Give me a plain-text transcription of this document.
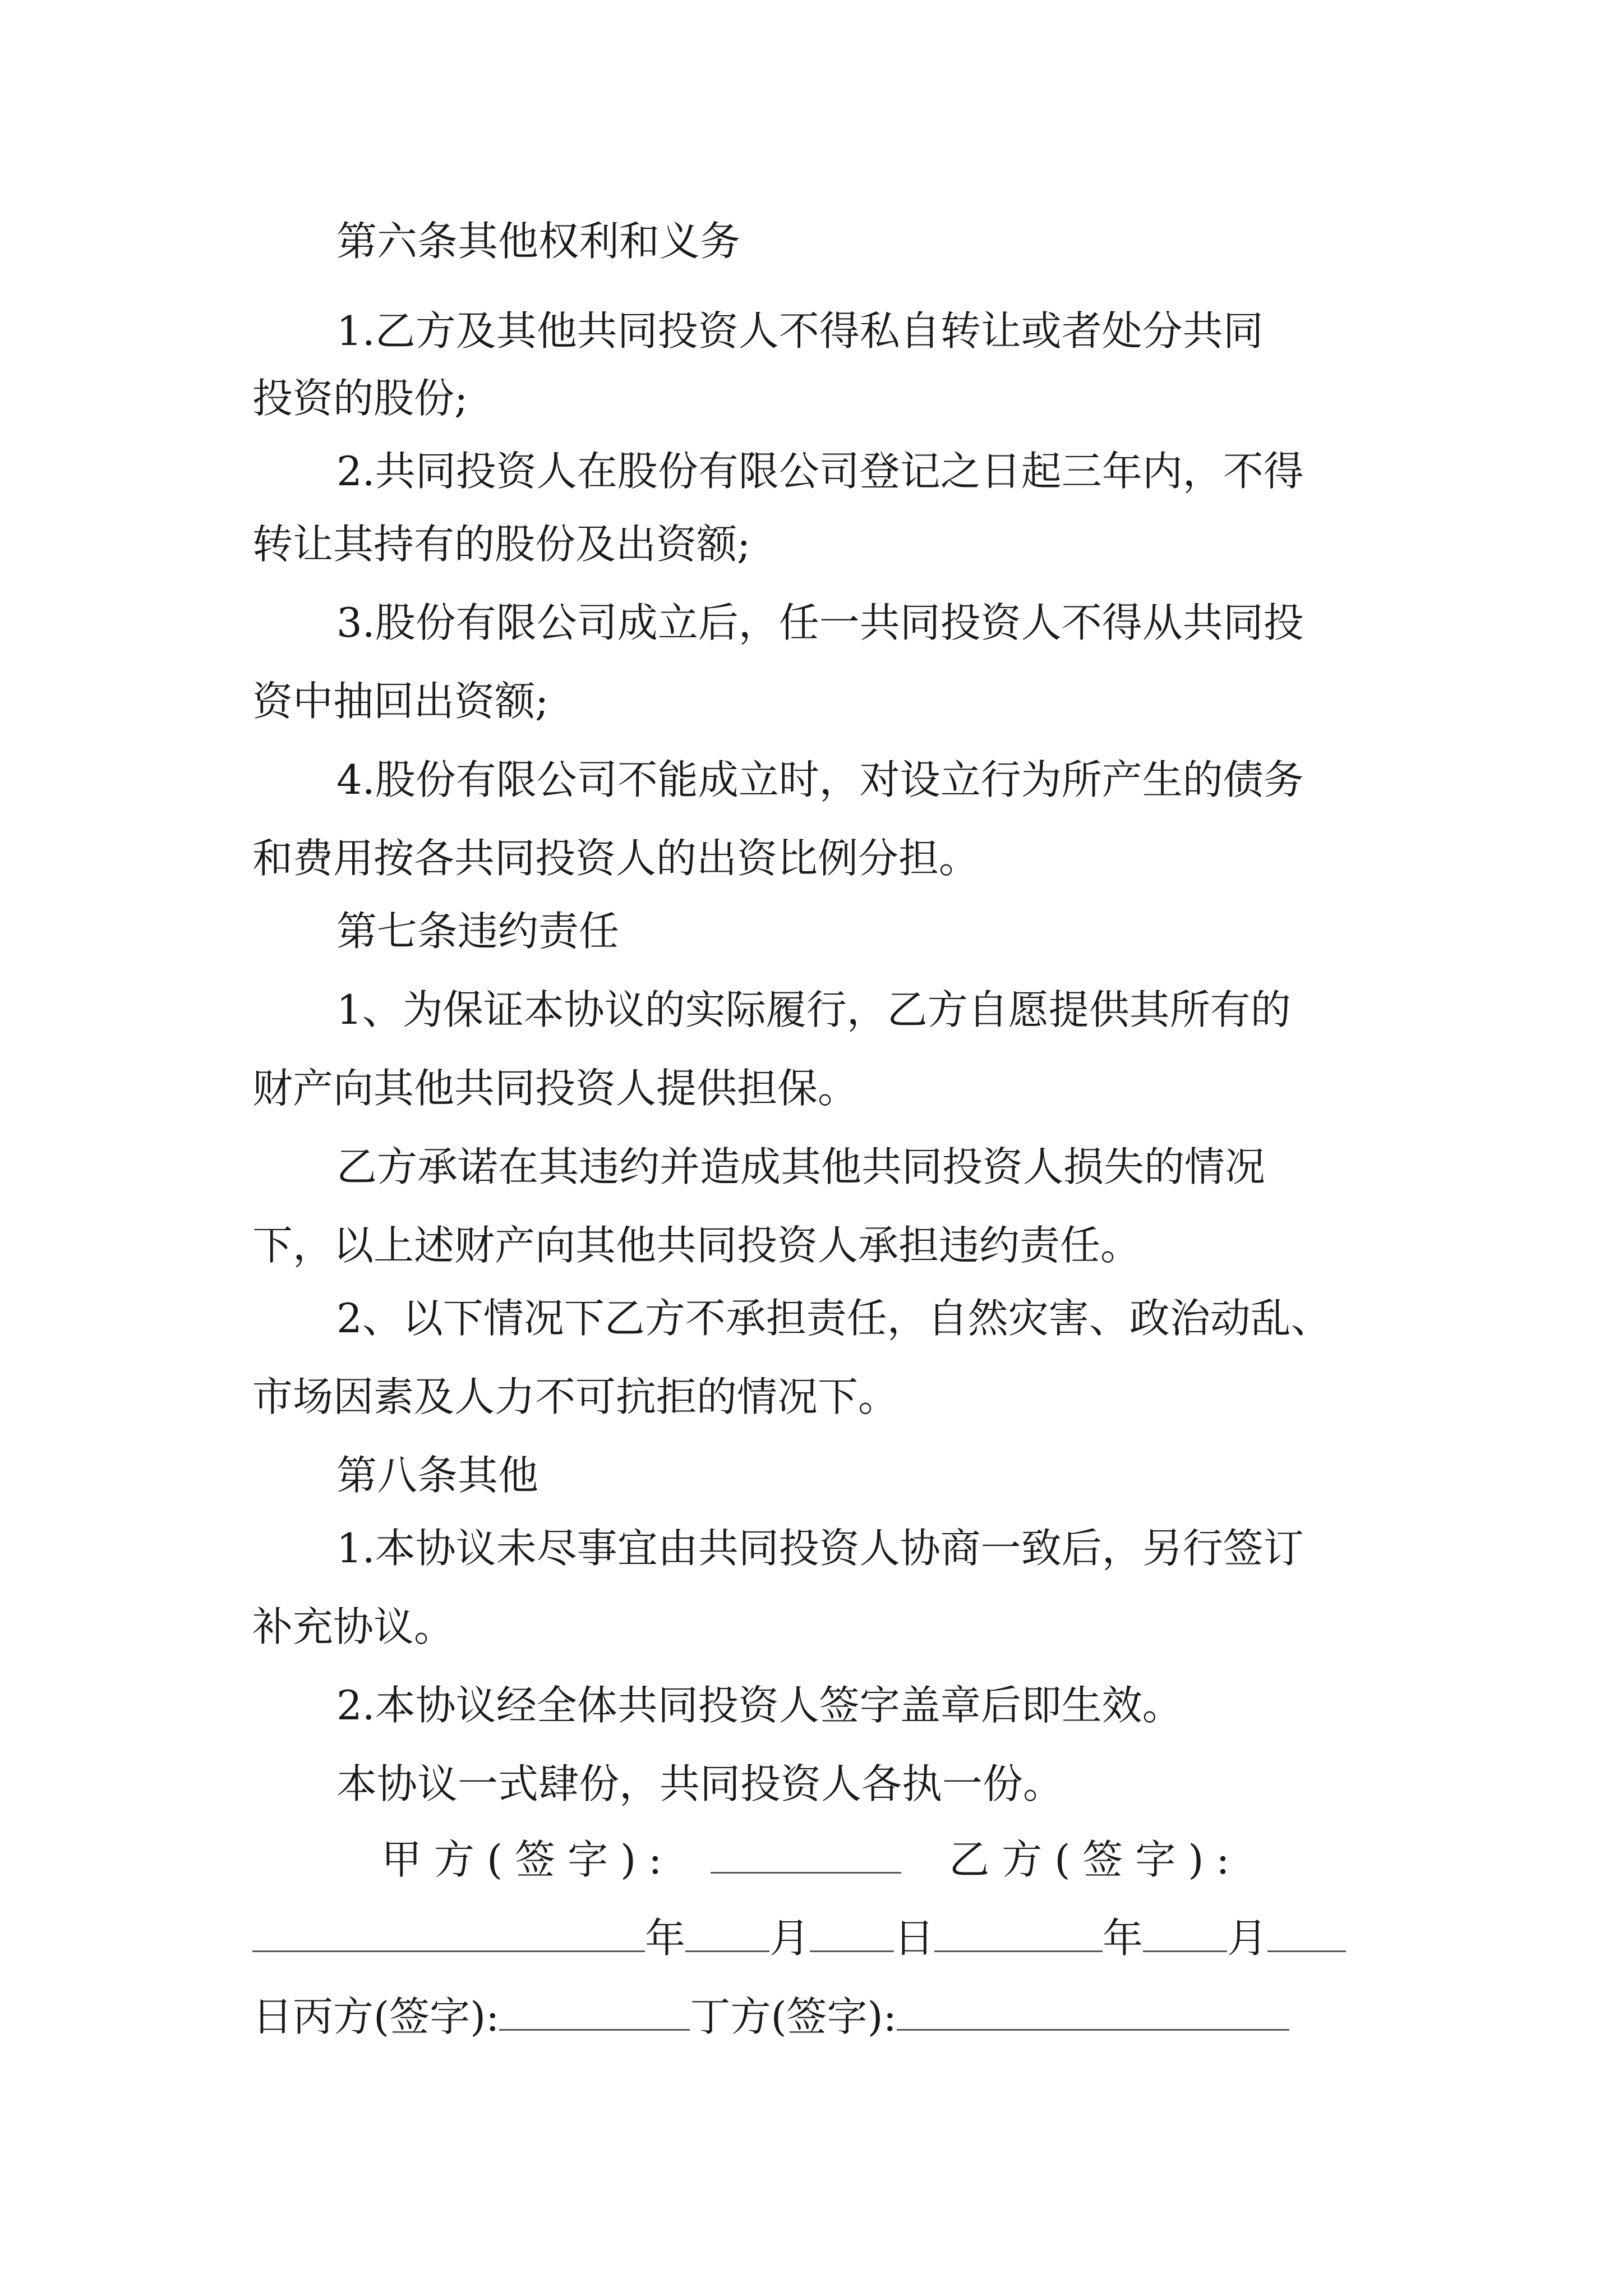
第六条其他权利和义务
1.乙方及其他共同投资人不得私自转让或者处分共同
投资的股份;
2.共同投资人在股份有限公司登记之日起三年内，不得
转让其持有的股份及出资额;
3.股份有限公司成立后，任一共同投资人不得从共同投
资中抽回出资额;
4.股份有限公司不能成立时，对设立行为所产生的债务
和费用按各共同投资人的出资比例分担。
第七条违约责任
1、为保证本协议的实际履行，乙方自愿提供其所有的
财产向其他共同投资人提供担保。
乙方承诺在其违约并造成其他共同投资人损失的情况
下，以上述财产向其他共同投资人承担违约责任。
2、以下情况下乙方不承担责任，自然灾害、政治动乱、
市场因素及人力不可抗拒的情况下。
第八条其他
1.本协议未尽事宜由共同投资人协商一致后，另行签订
补充协议。
2.本协议经全体共同投资人签字盖章后即生效。
本协议一式肆份，共同投资人各执一份。
甲方(签字):	乙方(签字):
年 月 日	年 月
日丙方(签字):	丁方(签字):
